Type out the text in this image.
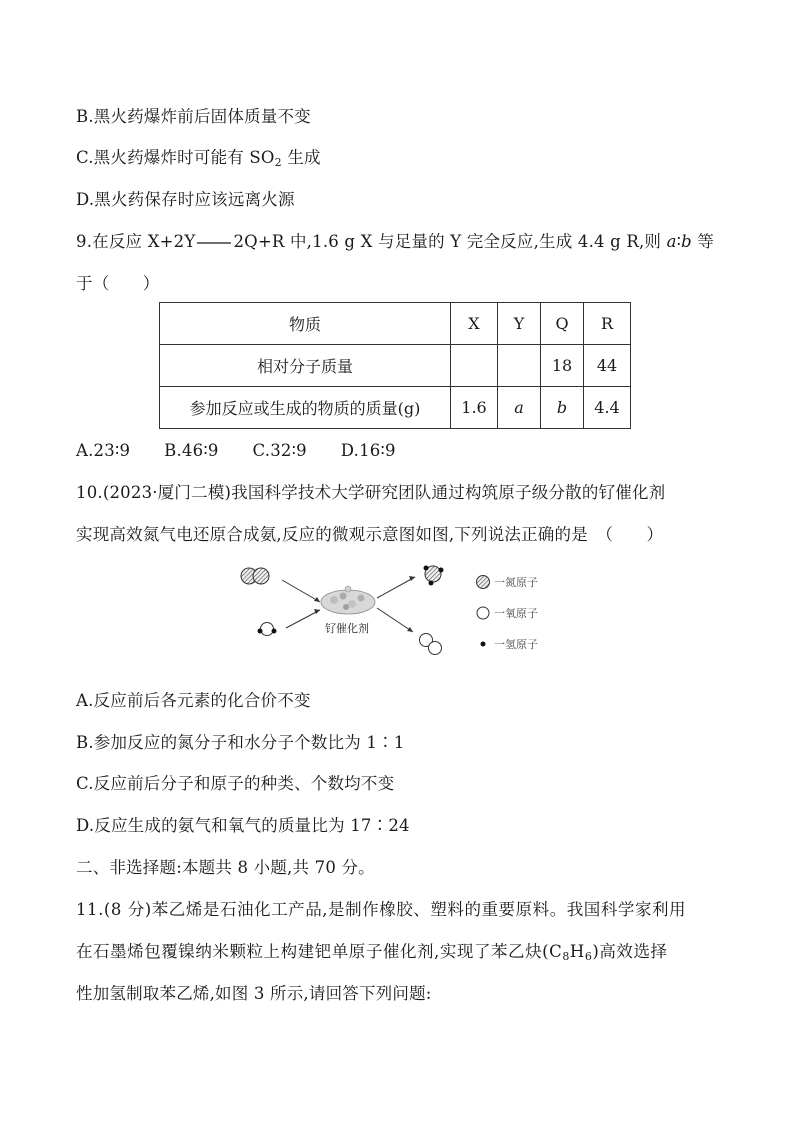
B.黑火药爆炸前后固体质量不变
C.黑火药爆炸时可能有 $SO_2$ 生成
D.黑火药保存时应该远离火源
9.在反应 X+2Y 2Q+R 中,1.6 g X 与足量的 Y 完全反应,生成 4.4 g R,则 a∶b 等
于（　　）
物质	X	Y	Q	R
相对分子质量			18	44
参加反应或生成的物质的质量(g)	1.6	a	b	4.4
A.23∶9 B.46∶9 C.32∶9 D.16∶9
10.(2023·厦门二模)我国科学技术大学研究团队通过构筑原子级分散的钌催化剂
实现高效氮气电还原合成氨,反应的微观示意图如图,下列说法正确的是　（　　）
钌催化剂
一氮原子
一氧原子
一氢原子
A.反应前后各元素的化合价不变
B.参加反应的氮分子和水分子个数比为 1∶1
C.反应前后分子和原子的种类、个数均不变
D.反应生成的氨气和氧气的质量比为 17∶24
二、非选择题:本题共 8 小题,共 70 分。
11.(8 分)苯乙烯是石油化工产品,是制作橡胶、塑料的重要原料。我国科学家利用
在石墨烯包覆镍纳米颗粒上构建钯单原子催化剂,实现了苯乙炔$(C_8H_6)$高效选择
性加氢制取苯乙烯,如图 3 所示,请回答下列问题:
